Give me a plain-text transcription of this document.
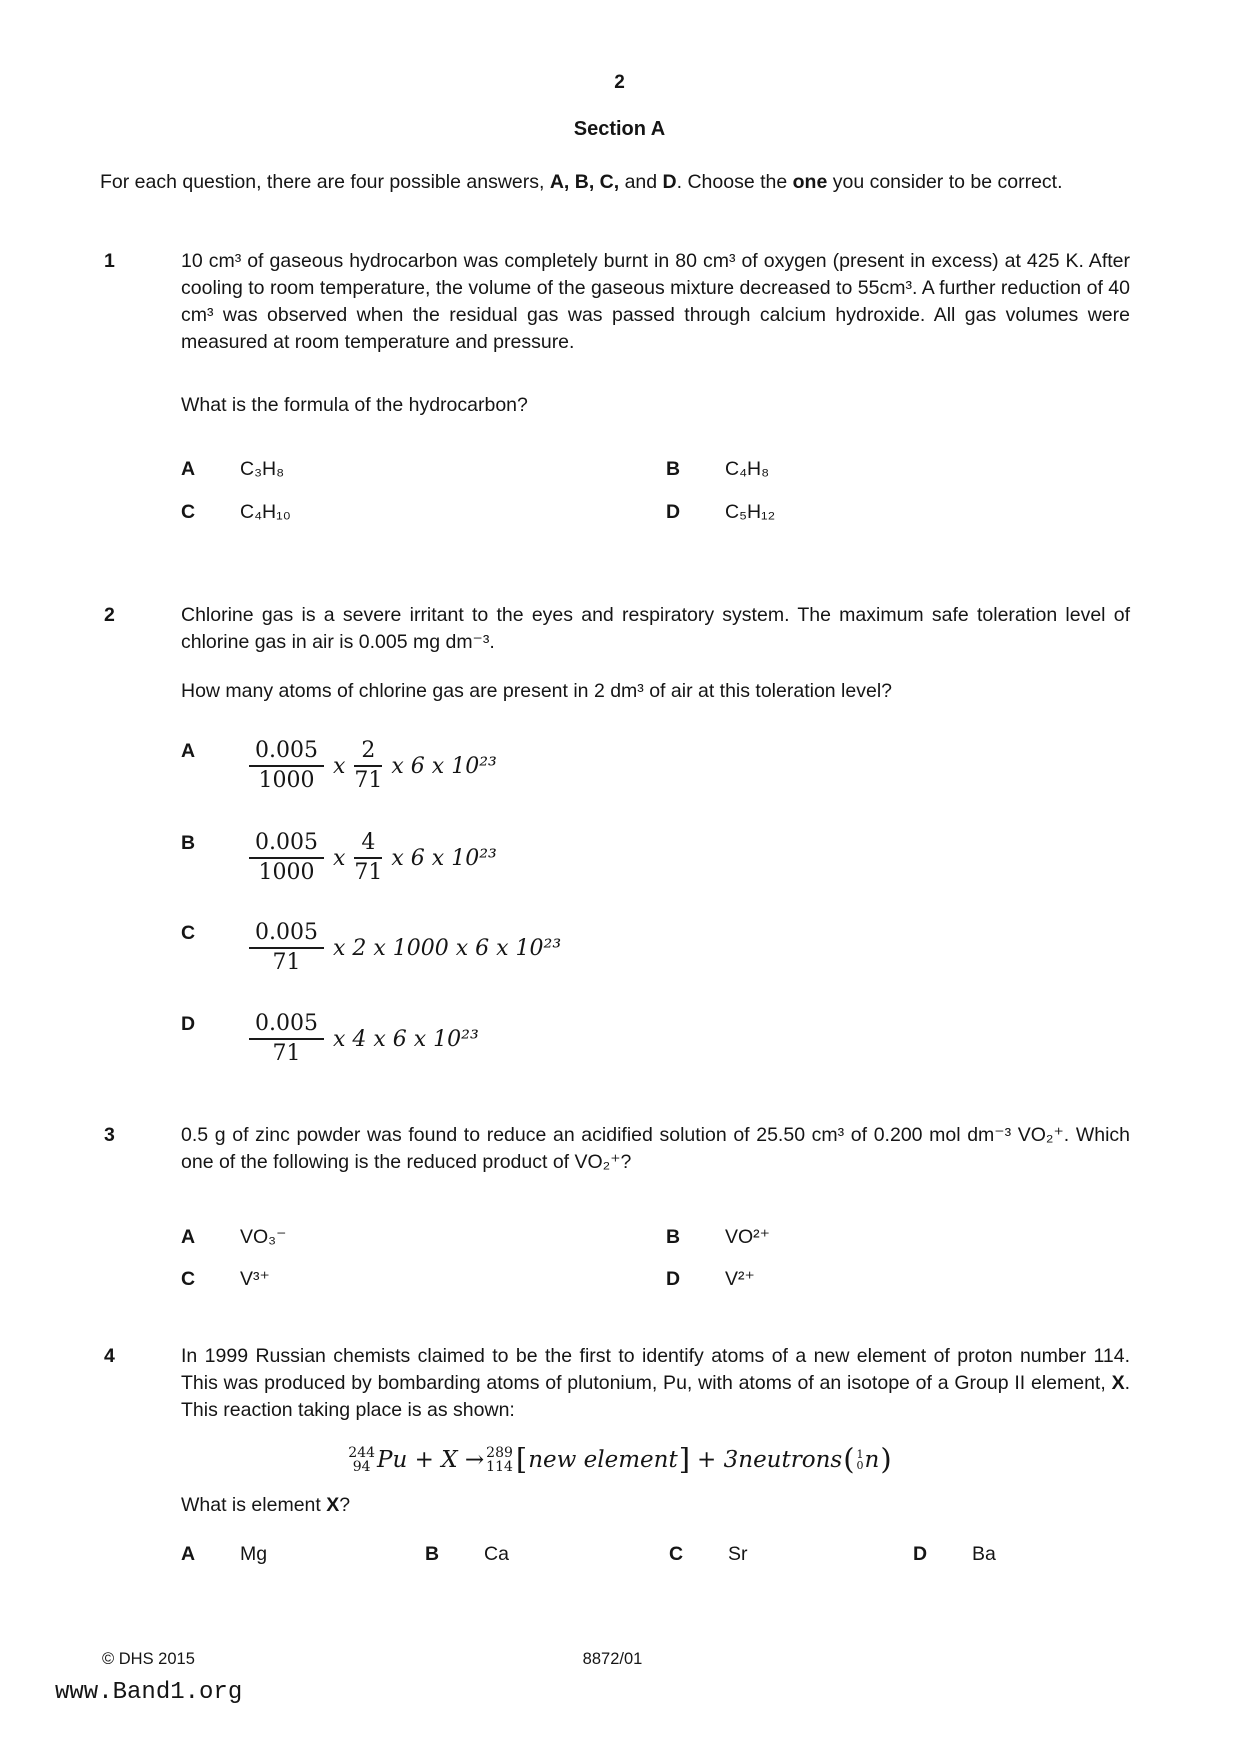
2
Section A

For each question, there are four possible answers, A, B, C, and D. Choose the one you consider to be correct.

1	10 cm³ of gaseous hydrocarbon was completely burnt in 80 cm³ of oxygen (present in excess) at 425 K. After cooling to room temperature, the volume of the gaseous mixture decreased to 55cm³. A further reduction of 40 cm³ was observed when the residual gas was passed through calcium hydroxide. All gas volumes were measured at room temperature and pressure.

What is the formula of the hydrocarbon?

A	C₃H₈	B	C₄H₈
C	C₄H₁₀	D	C₅H₁₂
2	Chlorine gas is a severe irritant to the eyes and respiratory system. The maximum safe toleration level of chlorine gas in air is 0.005 mg dm⁻³.

How many atoms of chlorine gas are present in 2 dm³ of air at this toleration level?

A	$\frac{0.005}{1000}$ x $\frac{2}{71}$ x 6 x 10²³
B	$\frac{0.005}{1000}$ x $\frac{4}{71}$ x 6 x 10²³
C	$\frac{0.005}{71}$ x 2 x 1000 x 6 x 10²³
D	$\frac{0.005}{71}$ x 4 x 6 x 10²³
3	0.5 g of zinc powder was found to reduce an acidified solution of 25.50 cm³ of 0.200 mol dm⁻³ VO₂⁺. Which one of the following is the reduced product of VO₂⁺?

A	VO₃⁻	B	VO²⁺
C	V³⁺	D	V²⁺
4	In 1999 Russian chemists claimed to be the first to identify atoms of a new element of proton number 114. This was produced by bombarding atoms of plutonium, Pu, with atoms of an isotope of a Group II element, X. This reaction taking place is as shown:

244
94 Pu + X → 289
114 [ new element ] + 3neutrons ( 1
0 n )

What is element X?

A	Mg	B	Ca	C	Sr	D	Ba
© DHS 2015	8872/01
www.Band1.org
